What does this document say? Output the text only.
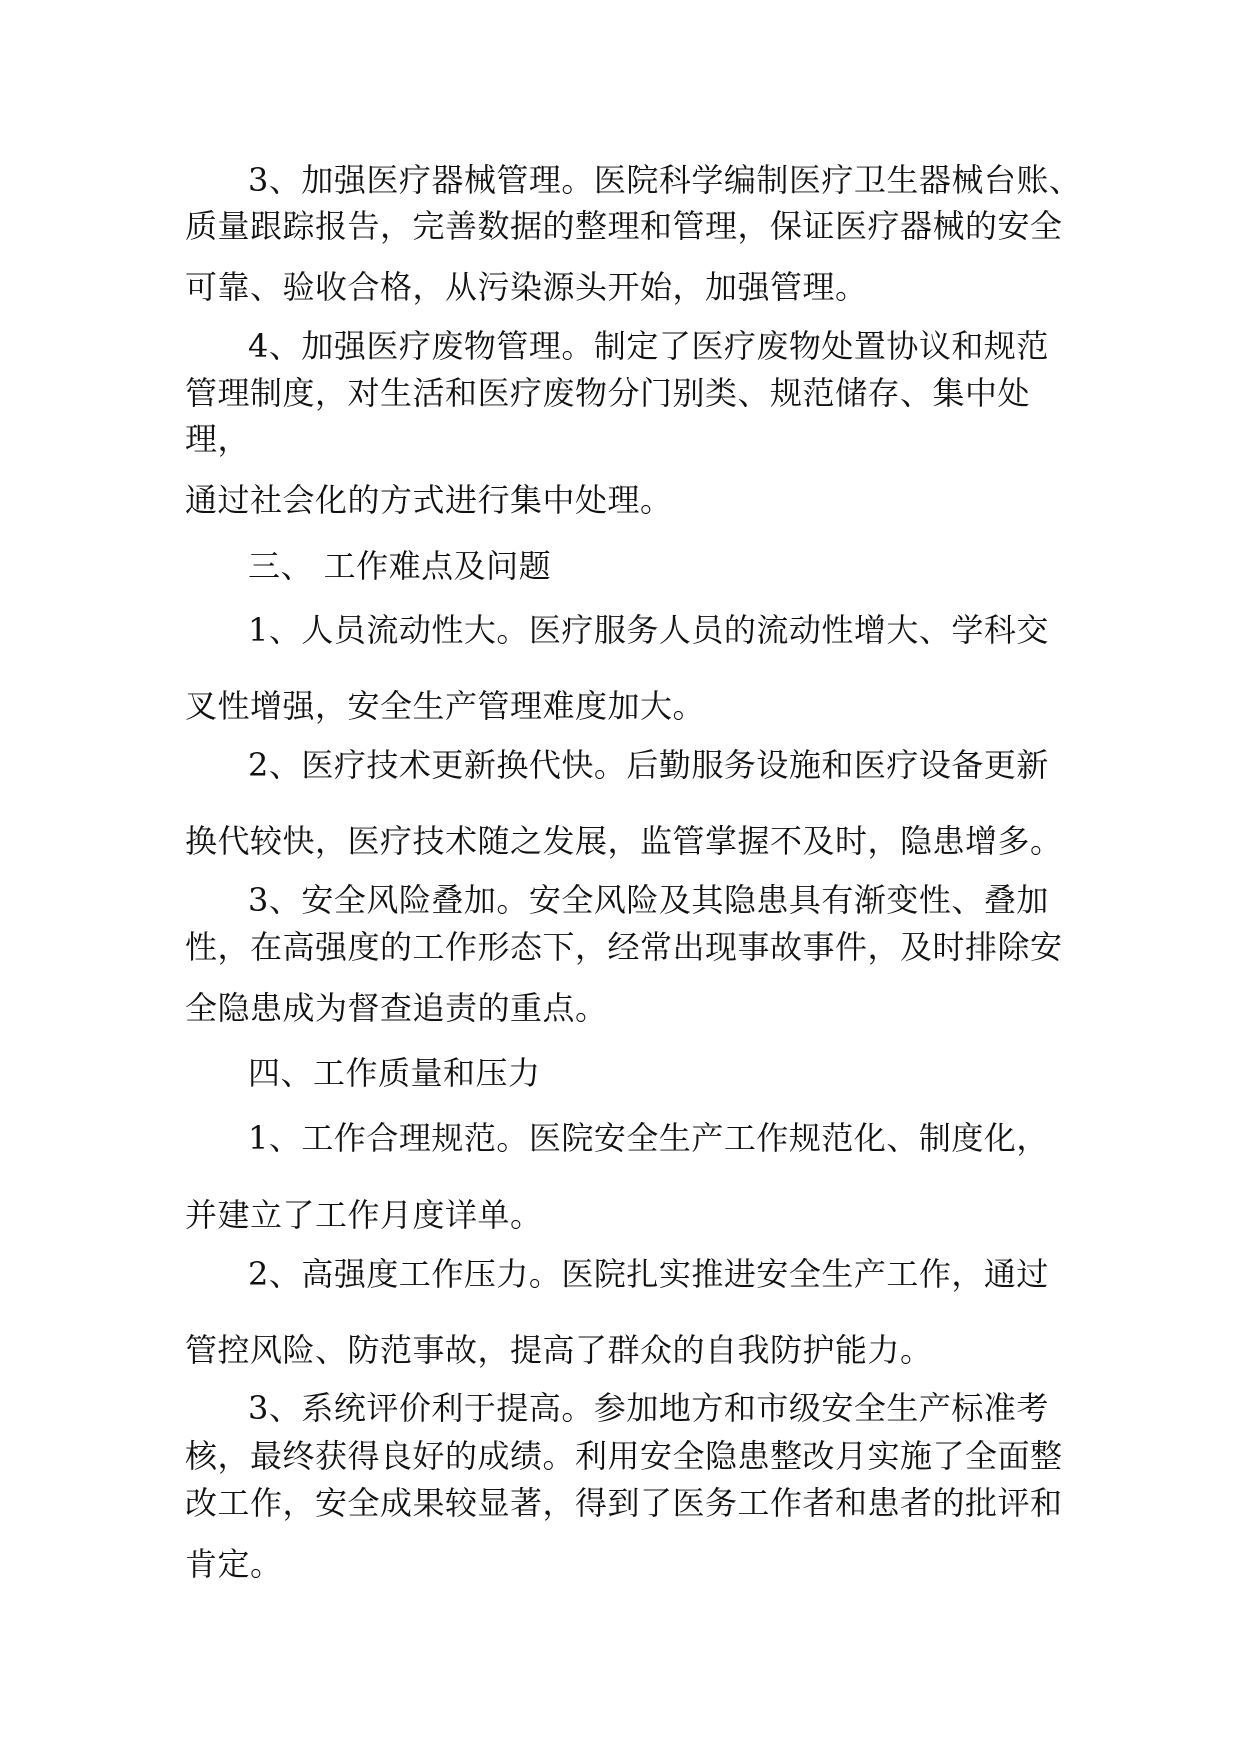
3、加强医疗器械管理。医院科学编制医疗卫生器械台账、

质量跟踪报告，完善数据的整理和管理，保证医疗器械的安全

可靠、验收合格，从污染源头开始，加强管理。

4、加强医疗废物管理。制定了医疗废物处置协议和规范

管理制度，对生活和医疗废物分门别类、规范储存、集中处

理，

通过社会化的方式进行集中处理。

三、 工作难点及问题

1、人员流动性大。医疗服务人员的流动性增大、学科交

叉性增强，安全生产管理难度加大。

2、医疗技术更新换代快。后勤服务设施和医疗设备更新

换代较快，医疗技术随之发展，监管掌握不及时，隐患增多。

3、安全风险叠加。安全风险及其隐患具有渐变性、叠加

性，在高强度的工作形态下，经常出现事故事件，及时排除安

全隐患成为督查追责的重点。

四、工作质量和压力

1、工作合理规范。医院安全生产工作规范化、制度化，

并建立了工作月度详单。

2、高强度工作压力。医院扎实推进安全生产工作，通过

管控风险、防范事故，提高了群众的自我防护能力。

3、系统评价利于提高。参加地方和市级安全生产标准考

核，最终获得良好的成绩。利用安全隐患整改月实施了全面整

改工作，安全成果较显著，得到了医务工作者和患者的批评和

肯定。
